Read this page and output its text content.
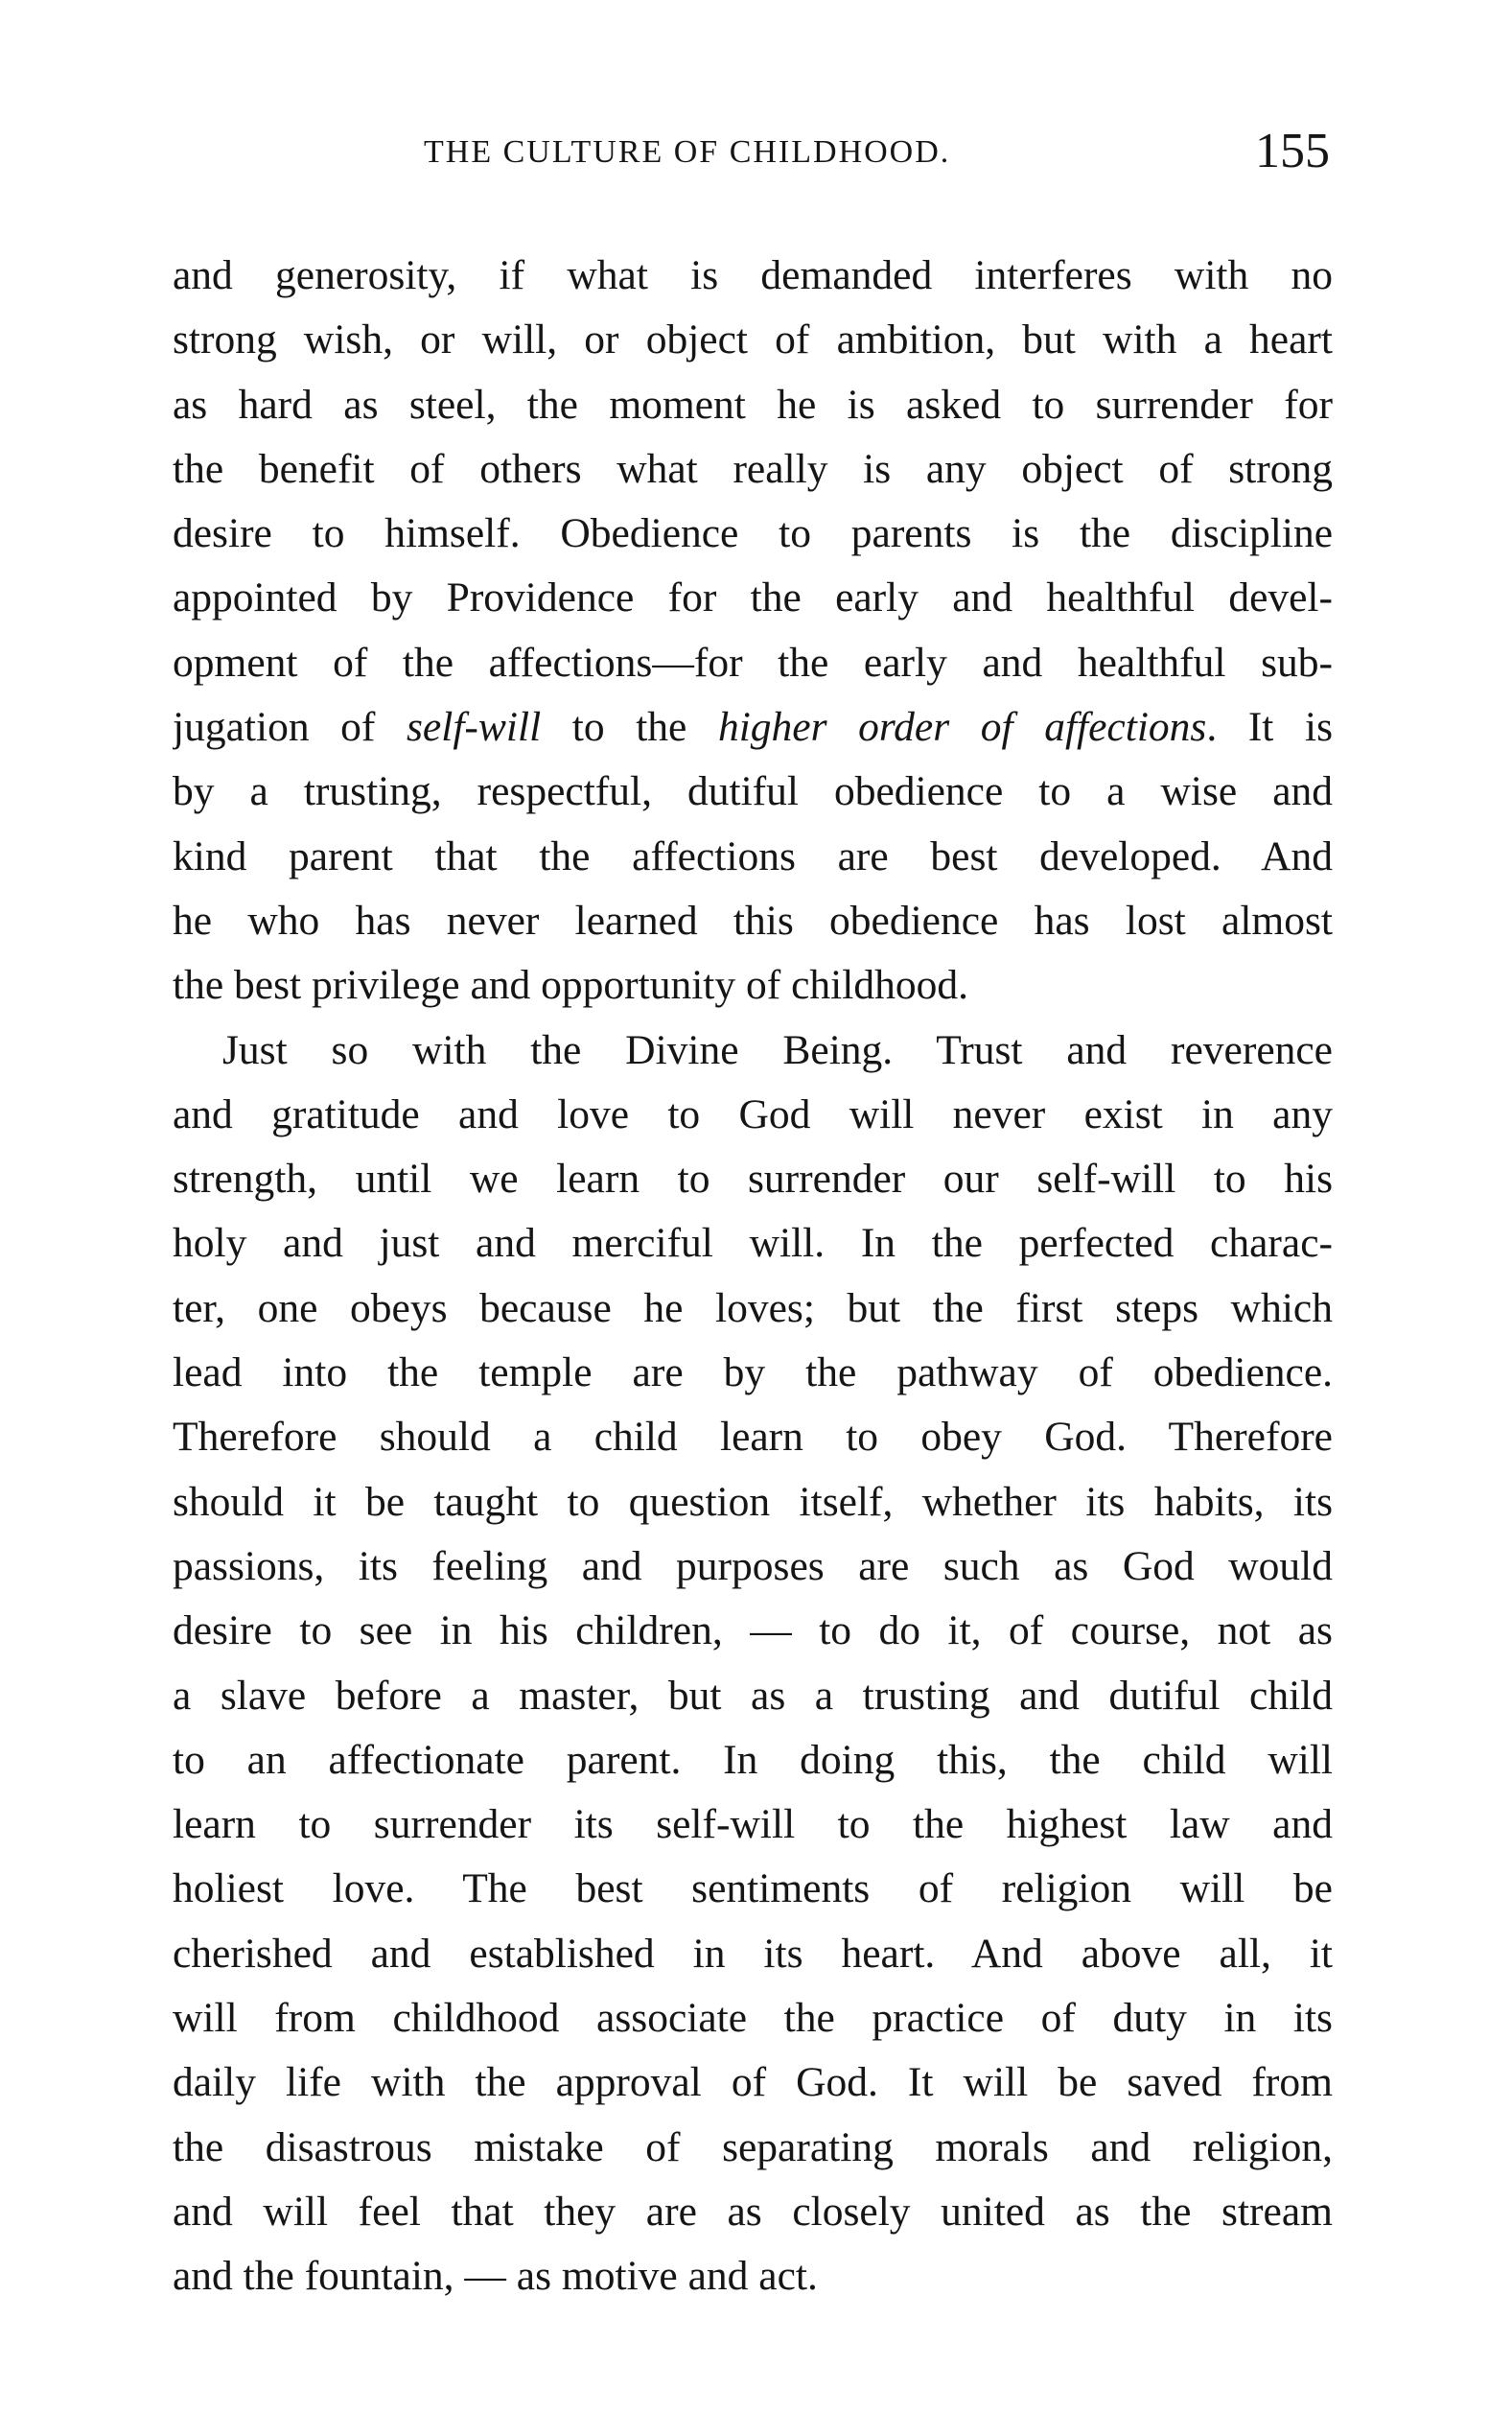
THE CULTURE OF CHILDHOOD.	155
and generosity, if what is demanded interferes with no
strong wish, or will, or object of ambition, but with a heart
as hard as steel, the moment he is asked to surrender for
the benefit of others what really is any object of strong
desire to himself. Obedience to parents is the discipline
appointed by Providence for the early and healthful devel-
opment of the affections—for the early and healthful sub-
jugation of self-will to the higher order of affections. It is
by a trusting, respectful, dutiful obedience to a wise and
kind parent that the affections are best developed. And
he who has never learned this obedience has lost almost
the best privilege and opportunity of childhood.
Just so with the Divine Being. Trust and reverence
and gratitude and love to God will never exist in any
strength, until we learn to surrender our self-will to his
holy and just and merciful will. In the perfected charac-
ter, one obeys because he loves; but the first steps which
lead into the temple are by the pathway of obedience.
Therefore should a child learn to obey God. Therefore
should it be taught to question itself, whether its habits, its
passions, its feeling and purposes are such as God would
desire to see in his children, — to do it, of course, not as
a slave before a master, but as a trusting and dutiful child
to an affectionate parent. In doing this, the child will
learn to surrender its self-will to the highest law and
holiest love. The best sentiments of religion will be
cherished and established in its heart. And above all, it
will from childhood associate the practice of duty in its
daily life with the approval of God. It will be saved from
the disastrous mistake of separating morals and religion,
and will feel that they are as closely united as the stream
and the fountain, — as motive and act.
